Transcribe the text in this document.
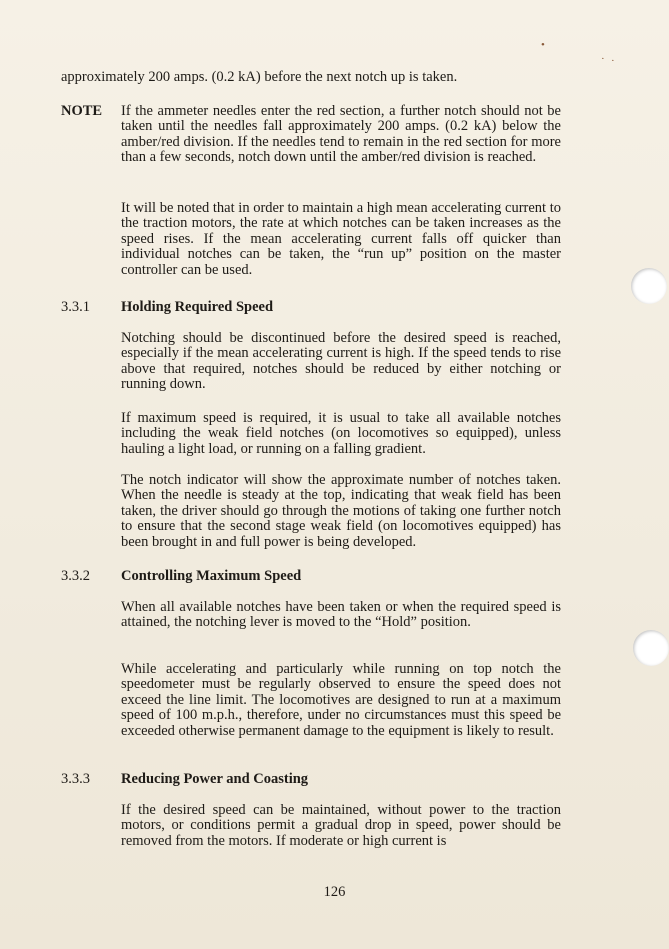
•
· ·
approximately 200 amps. (0.2 kA) before the next notch up is taken.
NOTE If the ammeter needles enter the red section, a further notch should not be taken until the needles fall approximately 200 amps. (0.2 kA) below the amber/red division. If the needles tend to remain in the red section for more than a few seconds, notch down until the amber/red division is reached.

It will be noted that in order to maintain a high mean accelerating current to the traction motors, the rate at which notches can be taken increases as the speed rises. If the mean accelerating current falls off quicker than individual notches can be taken, the “run up” position on the master controller can be used.

3.3.1 Holding Required Speed

Notching should be discontinued before the desired speed is reached, especially if the mean accelerating current is high. If the speed tends to rise above that required, notches should be reduced by either notching or running down.

If maximum speed is required, it is usual to take all available notches including the weak field notches (on locomotives so equipped), unless hauling a light load, or running on a falling gradient.

The notch indicator will show the approximate number of notches taken. When the needle is steady at the top, indicating that weak field has been taken, the driver should go through the motions of taking one further notch to ensure that the second stage weak field (on locomotives equipped) has been brought in and full power is being developed.

3.3.2 Controlling Maximum Speed

When all available notches have been taken or when the required speed is attained, the notching lever is moved to the “Hold” position.

While accelerating and particularly while running on top notch the speedometer must be regularly observed to ensure the speed does not exceed the line limit. The locomotives are designed to run at a maximum speed of 100 m.p.h., therefore, under no circumstances must this speed be exceeded otherwise permanent damage to the equipment is likely to result.

3.3.3 Reducing Power and Coasting

If the desired speed can be maintained, without power to the traction motors, or conditions permit a gradual drop in speed, power should be removed from the motors. If moderate or high current is

126
